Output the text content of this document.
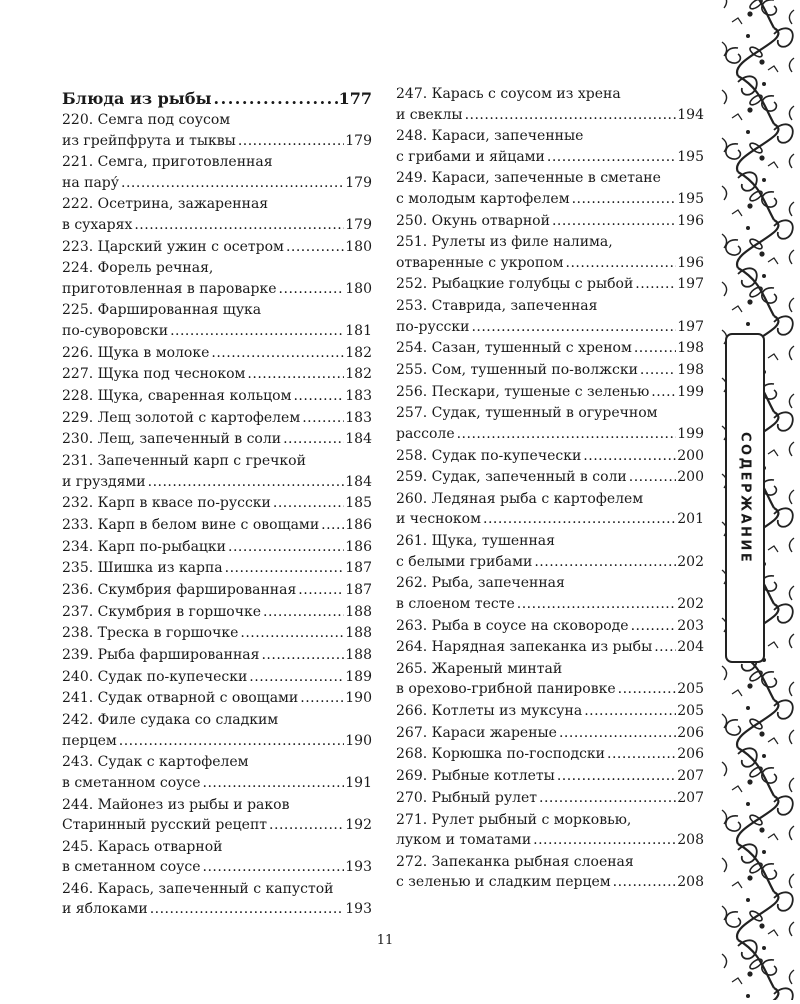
Блюда из рыбы .....	177
220. Семга под соусом
из грейпфрута и тыквы .....	179
221. Семга, приготовленная
на пару́ .....	179
222. Осетрина, зажаренная
в сухарях .....	179
223. Царский ужин с осетром .....	180
224. Форель речная,
приготовленная в пароварке .....	180
225. Фаршированная щука
по-суворовски .....	181
226. Щука в молоке .....	182
227. Щука под чесноком .....	182
228. Щука, сваренная кольцом .....	183
229. Лещ золотой с картофелем .....	183
230. Лещ, запеченный в соли .....	184
231. Запеченный карп с гречкой
и груздями .....	184
232. Карп в квасе по-русски .....	185
233. Карп в белом вине с овощами ..... 186
234. Карп по-рыбацки .....	186
235. Шишка из карпа .....	187
236. Скумбрия фаршированная .....	187
237. Скумбрия в горшочке .....	188
238. Треска в горшочке .....	188
239. Рыба фаршированная .....	188
240. Судак по-купечески .....	189
241. Судак отварной с овощами .....	190
242. Филе судака со сладким
перцем .....	190
243. Судак с картофелем
в сметанном соусе .....	191
244. Майонез из рыбы и раков
Старинный русский рецепт .....	192
245. Карась отварной
в сметанном соусе .....	193
246. Карась, запеченный с капустой
и яблоками .....	193
247. Карась с соусом из хрена
и свеклы .....	194
248. Караси, запеченные
с грибами и яйцами .....	195
249. Караси, запеченные в сметане
с молодым картофелем .....	195
250. Окунь отварной .....	196
251. Рулеты из филе налима,
отваренные с укропом .....	196
252. Рыбацкие голубцы с рыбой .....	197
253. Ставрида, запеченная
по-русски .....	197
254. Сазан, тушенный с хреном .....	198
255. Сом, тушенный по-волжски .....	198
256. Пескари, тушеные с зеленью ..... 199
257. Судак, тушенный в огуречном
рассоле .....	199
258. Судак по-купечески .....	200
259. Судак, запеченный в соли .....	200
260. Ледяная рыба с картофелем
и чесноком .....	201
261. Щука, тушенная
с белыми грибами .....	202
262. Рыба, запеченная
в слоеном тесте .....	202
263. Рыба в соусе на сковороде .....	203
264. Нарядная запеканка из рыбы ..... 204
265. Жареный минтай
в орехово-грибной панировке .....	205
266. Котлеты из муксуна .....	205
267. Караси жареные .....	206
268. Корюшка по-господски .....	206
269. Рыбные котлеты .....	207
270. Рыбный рулет .....	207
271. Рулет рыбный с морковью,
луком и томатами .....	208
272. Запеканка рыбная слоеная
с зеленью и сладким перцем .....	208
11
СОДЕРЖАНИЕ
